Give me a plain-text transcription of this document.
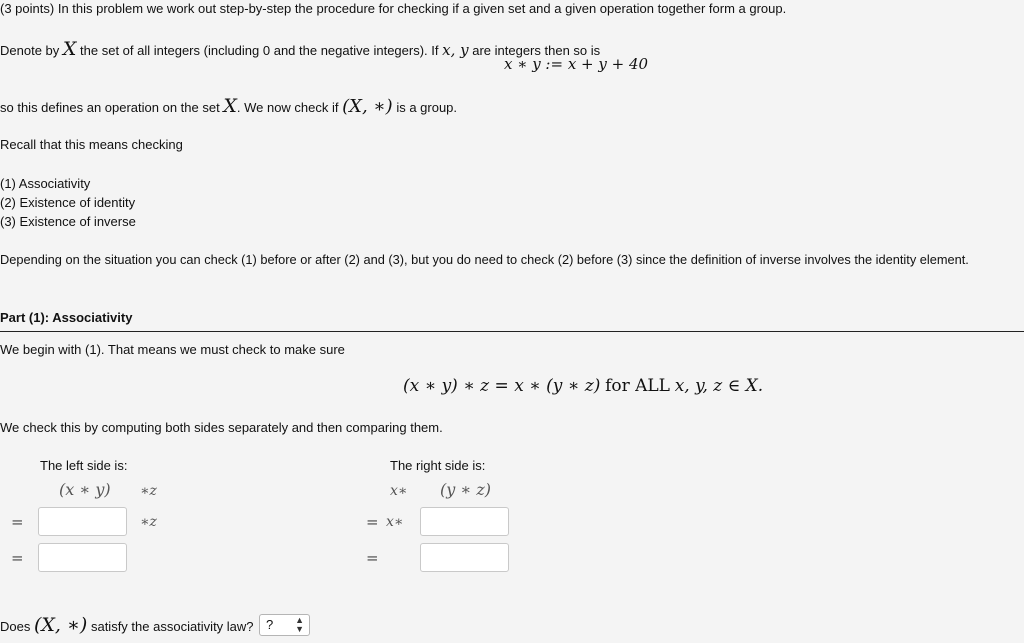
(3 points) In this problem we work out step-by-step the procedure for checking if a given set and a given operation together form a group.
Denote by X the set of all integers (including 0 and the negative integers). If x, y are integers then so is
x ∗ y := x + y + 40
so this defines an operation on the set X. We now check if (X, ∗) is a group.
Recall that this means checking
(1) Associativity
(2) Existence of identity
(3) Existence of inverse
Depending on the situation you can check (1) before or after (2) and (3), but you do need to check (2) before (3) since the definition of inverse involves the identity element.
Part (1): Associativity
We begin with (1). That means we must check to make sure
(x ∗ y) ∗ z = x ∗ (y ∗ z) for ALL x, y, z ∈ X.
We check this by computing both sides separately and then comparing them.
The left side is:
(x ∗ y) ∗z
=	∗z
=
The right side is:
x∗ (y ∗ z)
= x∗
=
Does (X, ∗) satisfy the associativity law? ? ▲
▼
